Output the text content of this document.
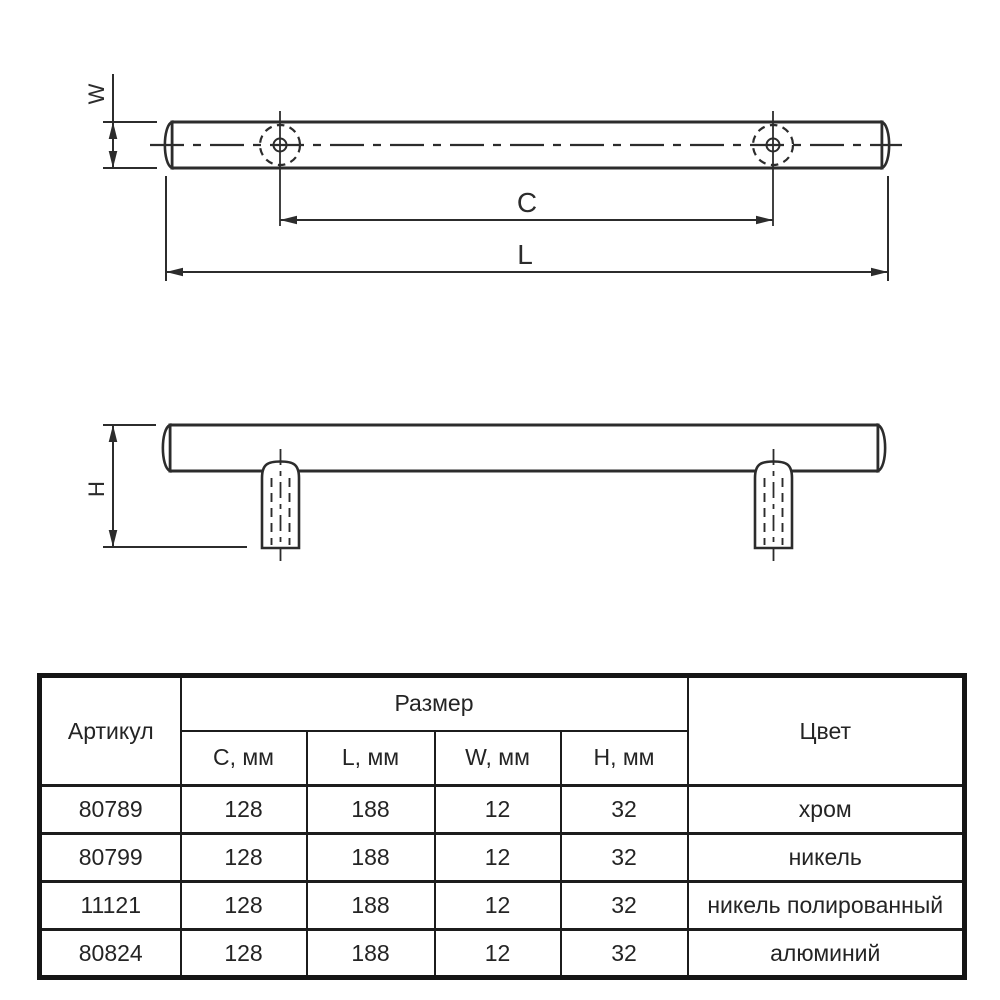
C
L
W
H
Артикул	Размер				Цвет
	C, мм	L, мм	W, мм	H, мм	
80789	128	188	12	32	хром
80799	128	188	12	32	никель
11121	128	188	12	32	никель полированный
80824	128	188	12	32	алюминий
